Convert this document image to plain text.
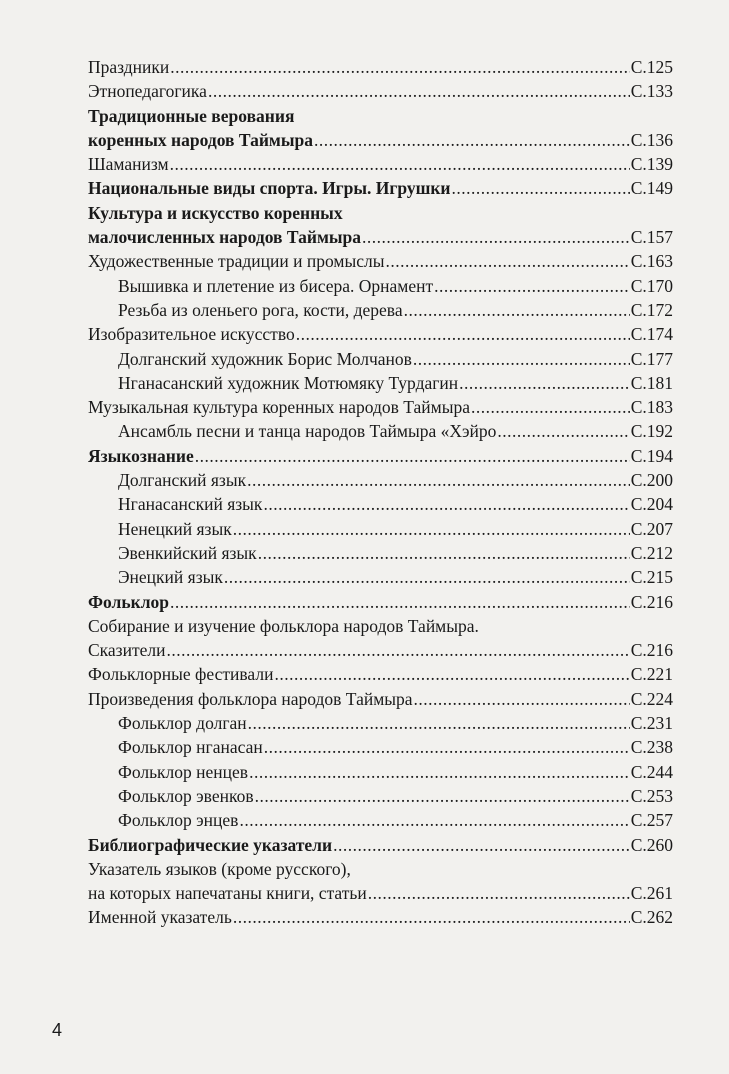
Праздники .....	С.125
Этнопедагогика .....	С.133
Традиционные верования
коренных народов Таймыра .....	С.136
Шаманизм .....	С.139
Национальные виды спорта. Игры. Игрушки .....	С.149
Культура и искусство коренных
малочисленных народов Таймыра .....	С.157
Художественные традиции и промыслы .....	С.163
Вышивка и плетение из бисера. Орнамент .....	С.170
Резьба из оленьего рога, кости, дерева .....	С.172
Изобразительное искусство .....	С.174
Долганский художник Борис Молчанов .....	С.177
Нганасанский художник Мотюмяку Турдагин .....	С.181
Музыкальная культура коренных народов Таймыра .....	С.183
Ансамбль песни и танца народов Таймыра «Хэйро .....	С.192
Языкознание .....	С.194
Долганский язык .....	С.200
Нганасанский язык .....	С.204
Ненецкий язык .....	С.207
Эвенкийский язык .....	С.212
Энецкий язык .....	С.215
Фольклор .....	С.216
Собирание и изучение фольклора народов Таймыра.
Сказители .....	С.216
Фольклорные фестивали .....	С.221
Произведения фольклора народов Таймыра .....	С.224
Фольклор долган .....	С.231
Фольклор нганасан .....	С.238
Фольклор ненцев .....	С.244
Фольклор эвенков .....	С.253
Фольклор энцев .....	С.257
Библиографические указатели .....	С.260
Указатель языков (кроме русского),
на которых напечатаны книги, статьи .....	С.261
Именной указатель .....	С.262
4
